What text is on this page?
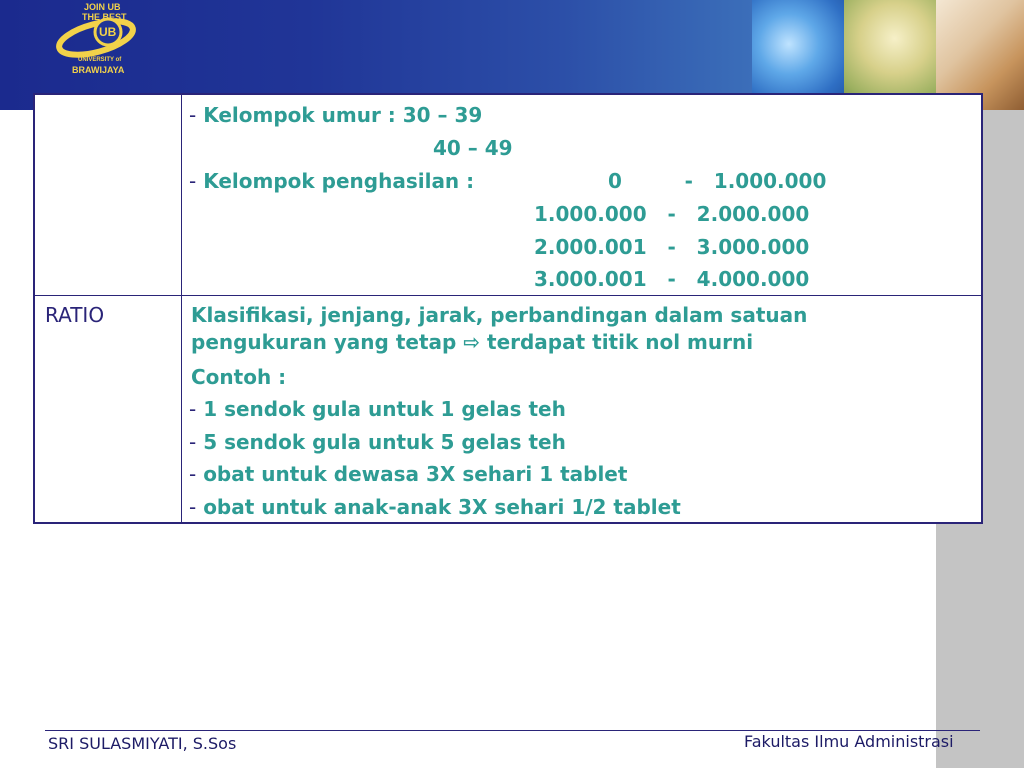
JOIN UB
THE BEST
UB
UNIVERSITY of
BRAWIJAYA
- Kelompok umur : 30 – 39
40 – 49
- Kelompok penghasilan :	0         -   1.000.000
1.000.000   -   2.000.000
2.000.001   -   3.000.000
3.000.001   -   4.000.000
RATIO	Klasifikasi, jenjang, jarak, perbandingan dalam satuan
pengukuran yang tetap ⇨ terdapat titik nol murni
Contoh :
- 1 sendok gula untuk 1 gelas teh
- 5 sendok gula untuk 5 gelas teh
- obat untuk dewasa 3X sehari 1 tablet
- obat untuk anak-anak 3X sehari 1/2 tablet
SRI SULASMIYATI, S.Sos	Fakultas Ilmu Administrasi
